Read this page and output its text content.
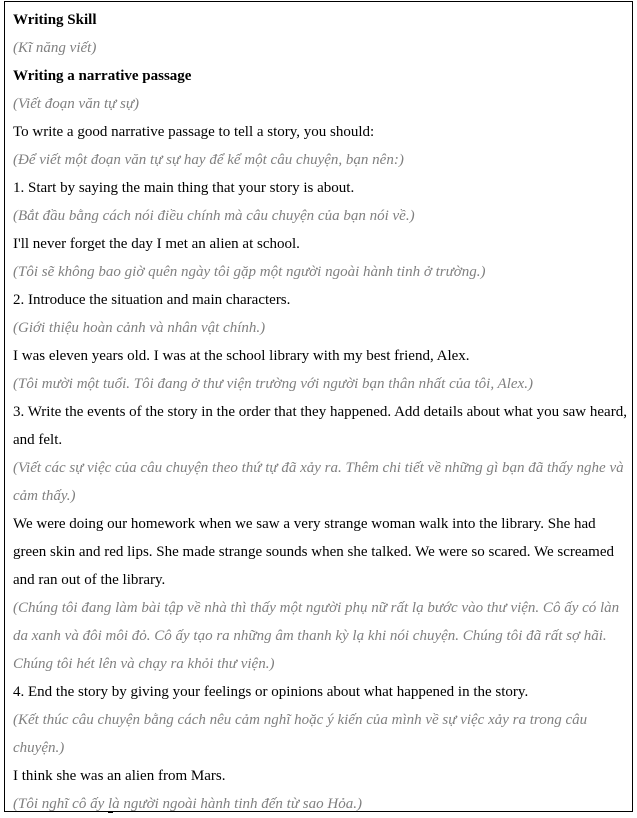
Writing Skill

(Kĩ năng viết)

Writing a narrative passage

(Viết đoạn văn tự sự)

To write a good narrative passage to tell a story, you should:

(Để viết một đoạn văn tự sự hay để kể một câu chuyện, bạn nên:)

1. Start by saying the main thing that your story is about.

(Bắt đầu bằng cách nói điều chính mà câu chuyện của bạn nói về.)

I'll never forget the day I met an alien at school.

(Tôi sẽ không bao giờ quên ngày tôi gặp một người ngoài hành tinh ở trường.)

2. Introduce the situation and main characters.

(Giới thiệu hoàn cảnh và nhân vật chính.)

I was eleven years old. I was at the school library with my best friend, Alex.

(Tôi mười một tuổi. Tôi đang ở thư viện trường với người bạn thân nhất của tôi, Alex.)

3. Write the events of the story in the order that they happened. Add details about what you saw heard, and felt.

(Viết các sự việc của câu chuyện theo thứ tự đã xảy ra. Thêm chi tiết về những gì bạn đã thấy nghe và cảm thấy.)

We were doing our homework when we saw a very strange woman walk into the library. She had green skin and red lips. She made strange sounds when she talked. We were so scared. We screamed and ran out of the library.

(Chúng tôi đang làm bài tập về nhà thì thấy một người phụ nữ rất lạ bước vào thư viện. Cô ấy có làn da xanh và đôi môi đỏ. Cô ấy tạo ra những âm thanh kỳ lạ khi nói chuyện. Chúng tôi đã rất sợ hãi. Chúng tôi hét lên và chạy ra khỏi thư viện.)

4. End the story by giving your feelings or opinions about what happened in the story.

(Kết thúc câu chuyện bằng cách nêu cảm nghĩ hoặc ý kiến của mình về sự việc xảy ra trong câu chuyện.)

I think she was an alien from Mars.

(Tôi nghĩ cô ấy là người ngoài hành tinh đến từ sao Hỏa.)
